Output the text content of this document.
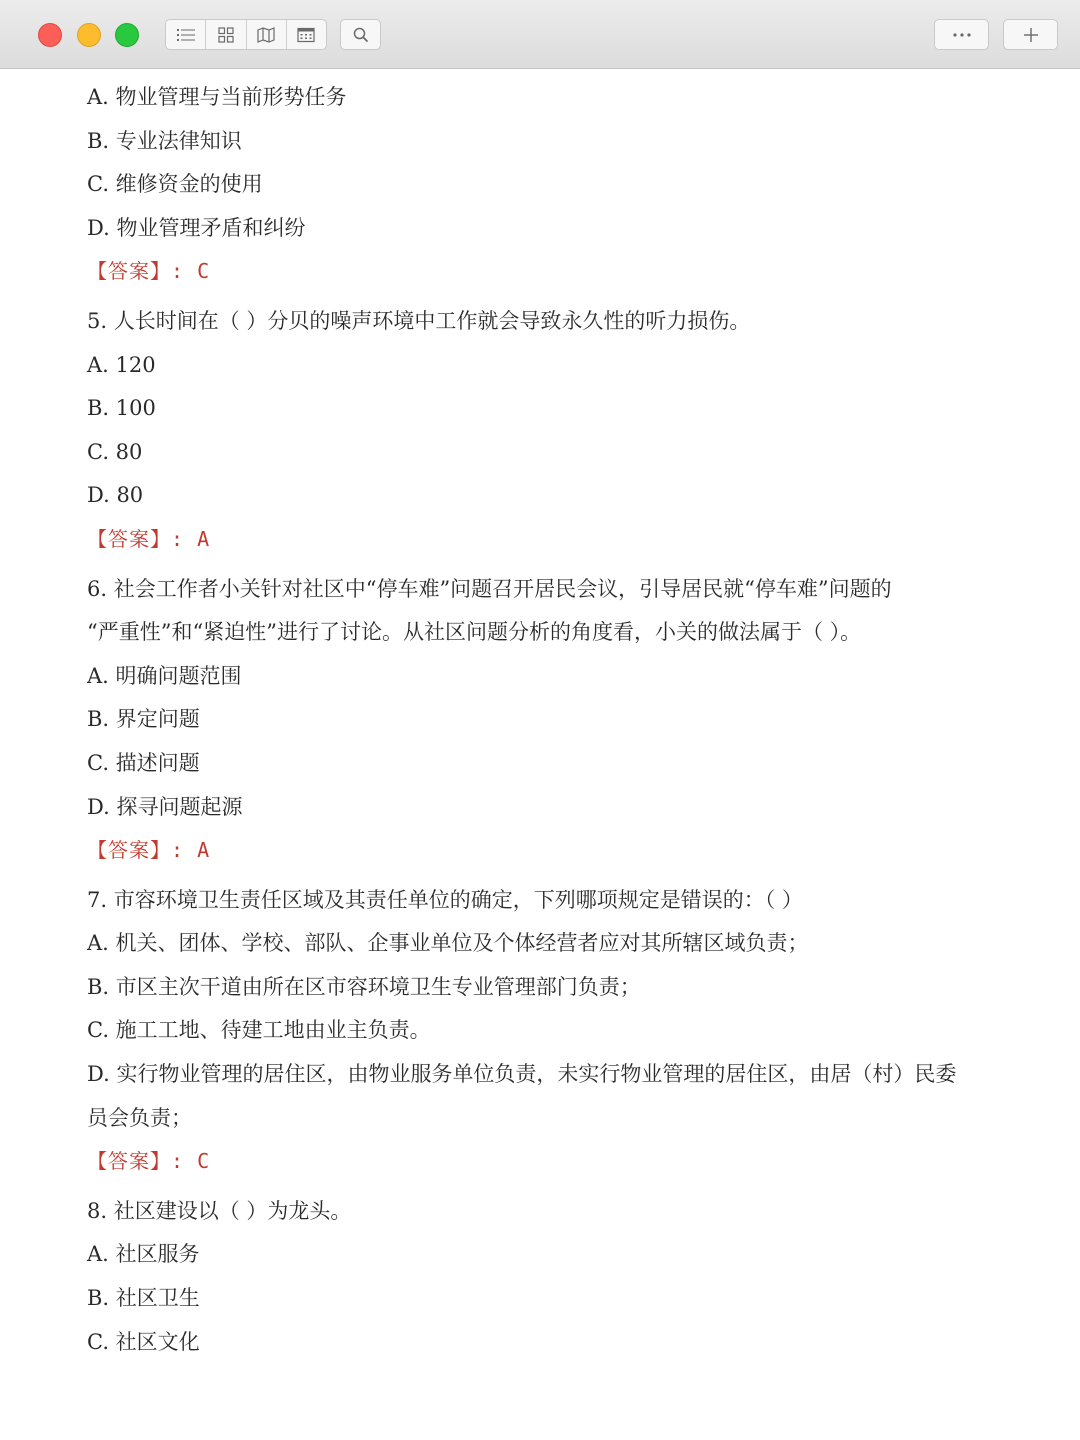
A. 物业管理与当前形势任务
B. 专业法律知识
C. 维修资金的使用
D. 物业管理矛盾和纠纷
【答案】: C
5. 人长时间在（ ）分贝的噪声环境中工作就会导致永久性的听力损伤。
A. 120
B. 100
C. 80
D. 80
【答案】: A
6. 社会工作者小关针对社区中“停车难”问题召开居民会议，引导居民就“停车难”问题的
“严重性”和“紧迫性”进行了讨论。从社区问题分析的角度看，小关的做法属于（ ）。
A. 明确问题范围
B. 界定问题
C. 描述问题
D. 探寻问题起源
【答案】: A
7. 市容环境卫生责任区域及其责任单位的确定，下列哪项规定是错误的：（ ）
A. 机关、团体、学校、部队、企事业单位及个体经营者应对其所辖区域负责；
B. 市区主次干道由所在区市容环境卫生专业管理部门负责；
C. 施工工地、待建工地由业主负责。
D. 实行物业管理的居住区，由物业服务单位负责，未实行物业管理的居住区，由居（村）民委
员会负责；
【答案】: C
8. 社区建设以（ ）为龙头。
A. 社区服务
B. 社区卫生
C. 社区文化
